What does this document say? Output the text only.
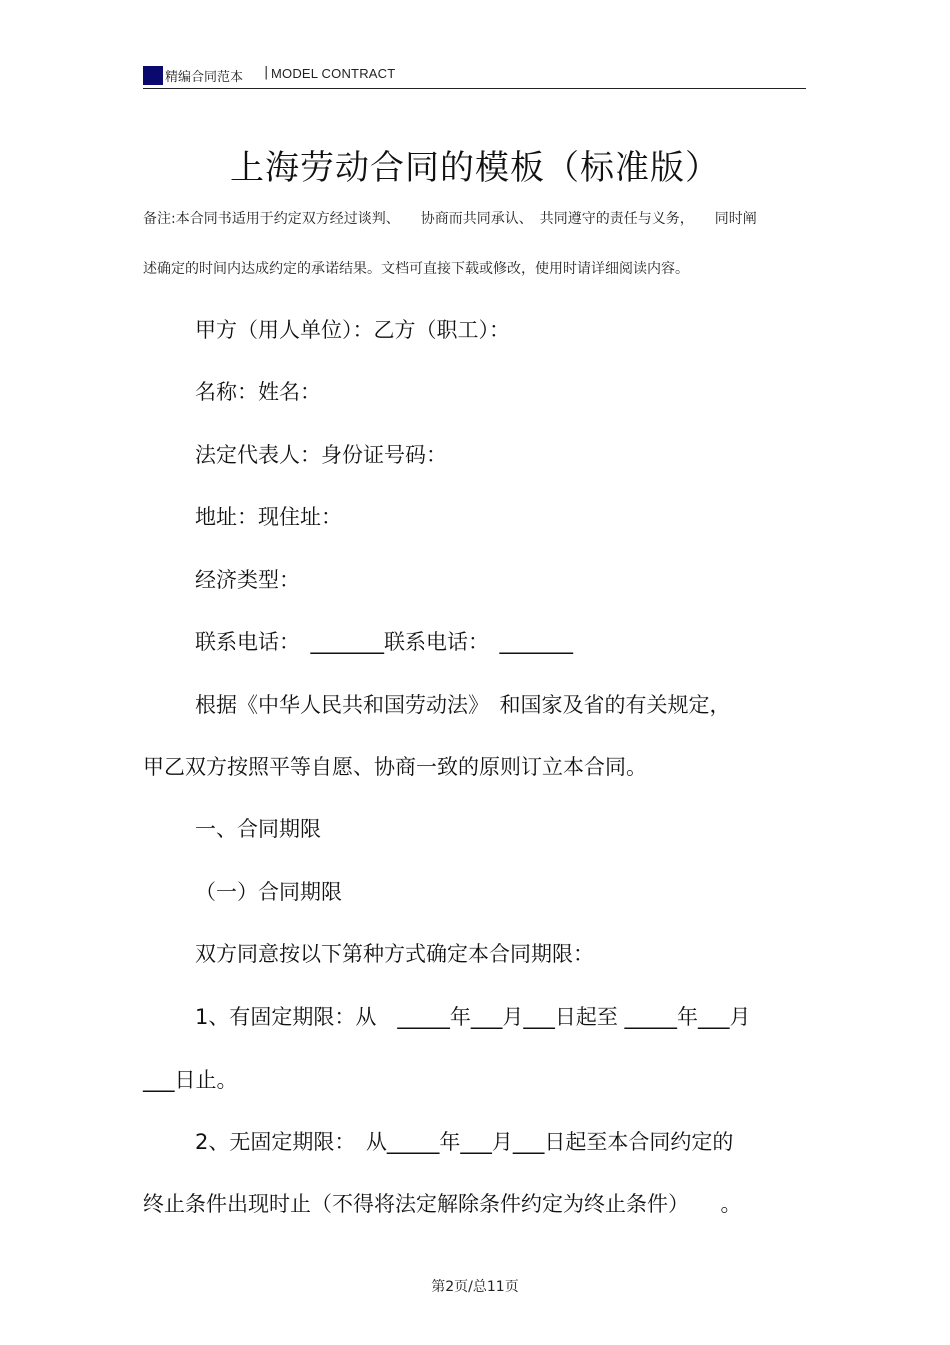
精编合同范本 | MODEL CONTRACT
上海劳动合同的模板（标准版）
备注:本合同书适用于约定双方经过谈判、　　协商而共同承认、　共同遵守的责任与义务，　　同时阐
述确定的时间内达成约定的承诺结果。文档可直接下载或修改，使用时请详细阅读内容。
甲方（用人单位）：乙方（职工）：
名称：姓名：
法定代表人：身份证号码：
地址：现住址：
经济类型：
联系电话：　_______联系电话：　_______
根据《中华人民共和国劳动法》　和国家及省的有关规定，
甲乙双方按照平等自愿、协商一致的原则订立本合同。
一、合同期限
（一）合同期限
双方同意按以下第种方式确定本合同期限：
1、有固定期限：从　_____年___月___日起至 _____年___月
___日止。
2、无固定期限：　从_____年___月___日起至本合同约定的
终止条件出现时止（不得将法定解除条件约定为终止条件）　　。
第2页/总11页
